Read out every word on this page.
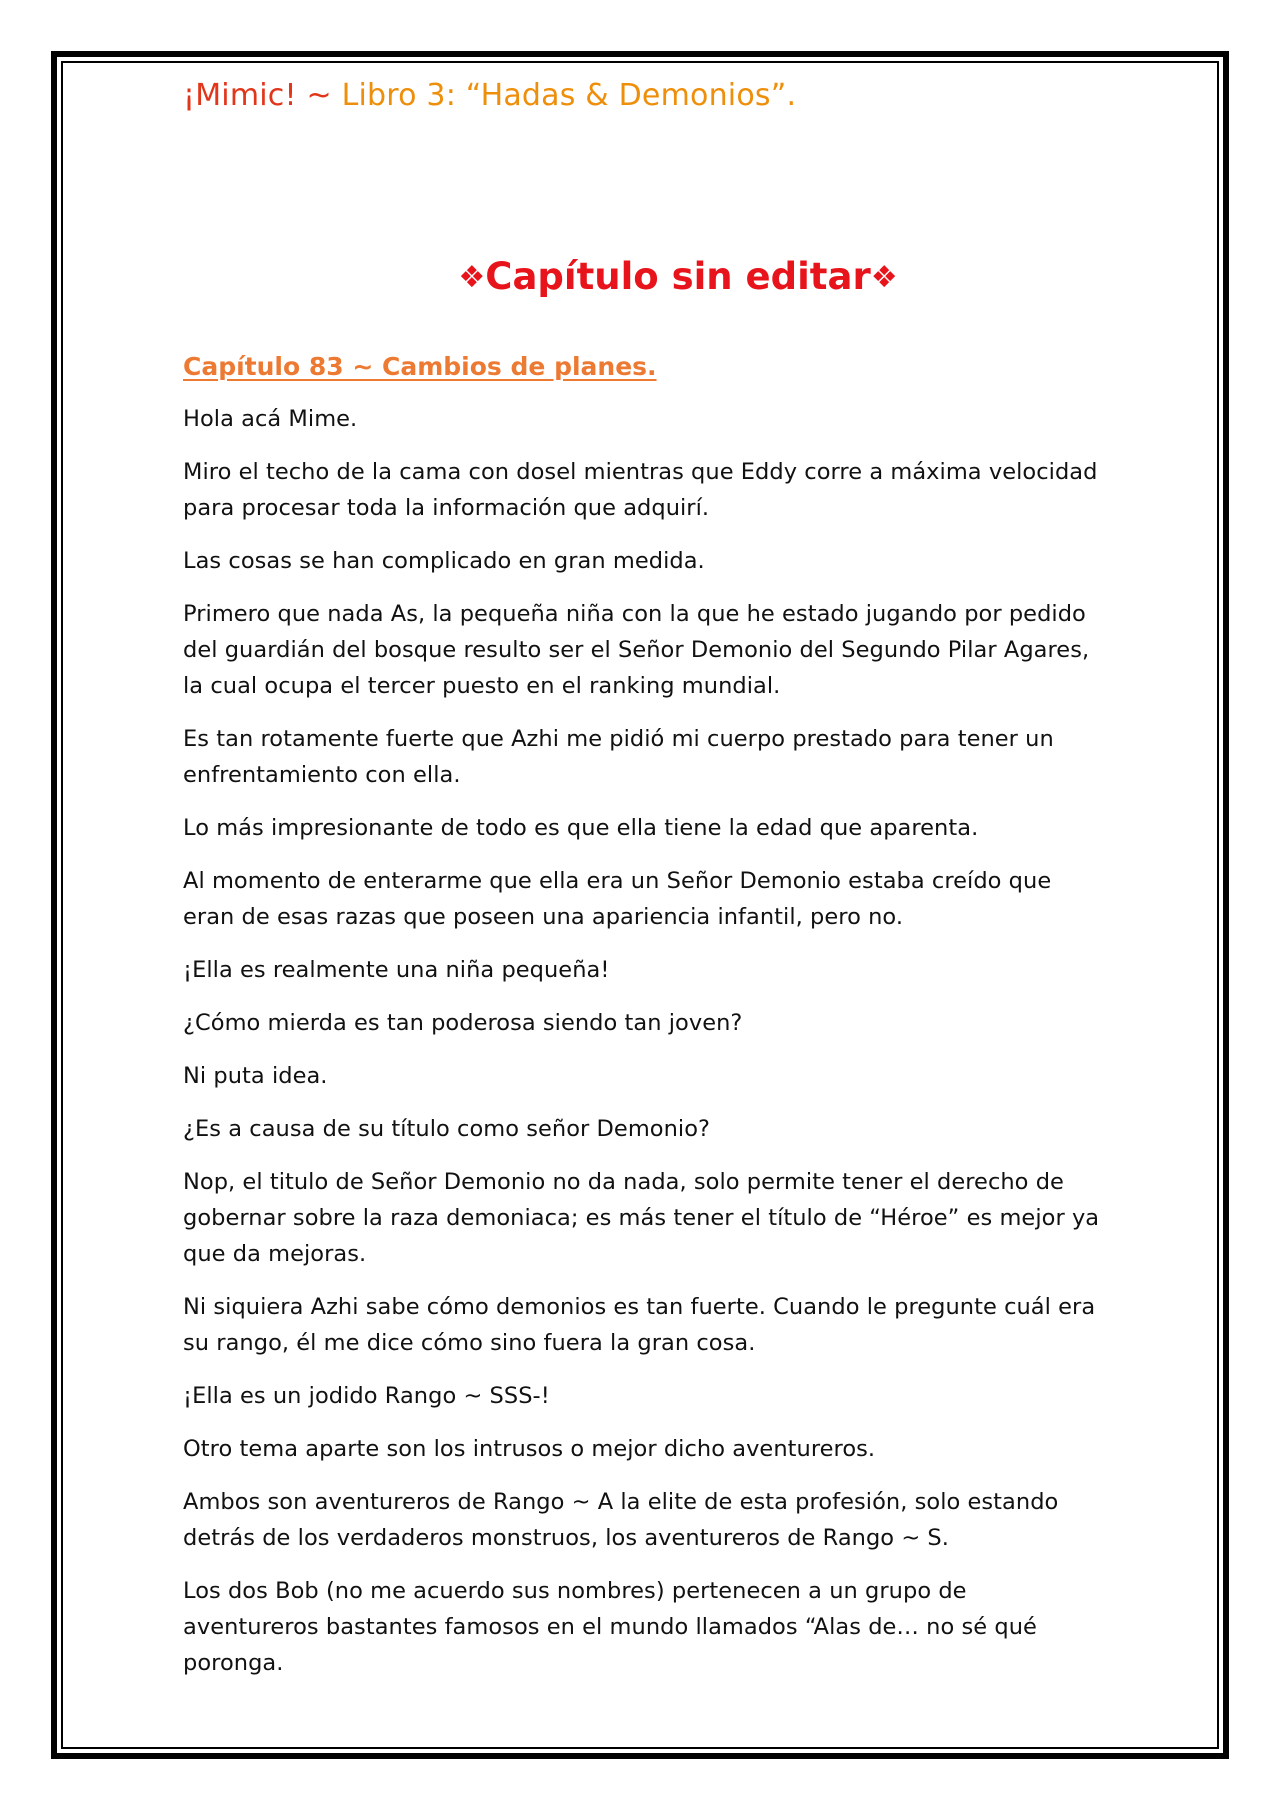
¡Mimic! ~ Libro 3: “Hadas & Demonios”.
❖Capítulo sin editar❖
Capítulo 83 ~ Cambios de planes.

Hola acá Mime.

Miro el techo de la cama con dosel mientras que Eddy corre a máxima velocidad para procesar toda la información que adquirí.

Las cosas se han complicado en gran medida.

Primero que nada As, la pequeña niña con la que he estado jugando por pedido del guardián del bosque resulto ser el Señor Demonio del Segundo Pilar Agares, la cual ocupa el tercer puesto en el ranking mundial.

Es tan rotamente fuerte que Azhi me pidió mi cuerpo prestado para tener un enfrentamiento con ella.

Lo más impresionante de todo es que ella tiene la edad que aparenta.

Al momento de enterarme que ella era un Señor Demonio estaba creído que eran de esas razas que poseen una apariencia infantil, pero no.

¡Ella es realmente una niña pequeña!

¿Cómo mierda es tan poderosa siendo tan joven?

Ni puta idea.

¿Es a causa de su título como señor Demonio?

Nop, el titulo de Señor Demonio no da nada, solo permite tener el derecho de gobernar sobre la raza demoniaca; es más tener el título de “Héroe” es mejor ya que da mejoras.

Ni siquiera Azhi sabe cómo demonios es tan fuerte. Cuando le pregunte cuál era su rango, él me dice cómo sino fuera la gran cosa.

¡Ella es un jodido Rango ~ SSS-!

Otro tema aparte son los intrusos o mejor dicho aventureros.

Ambos son aventureros de Rango ~ A la elite de esta profesión, solo estando detrás de los verdaderos monstruos, los aventureros de Rango ~ S.

Los dos Bob (no me acuerdo sus nombres) pertenecen a un grupo de aventureros bastantes famosos en el mundo llamados “Alas de… no sé qué poronga.
